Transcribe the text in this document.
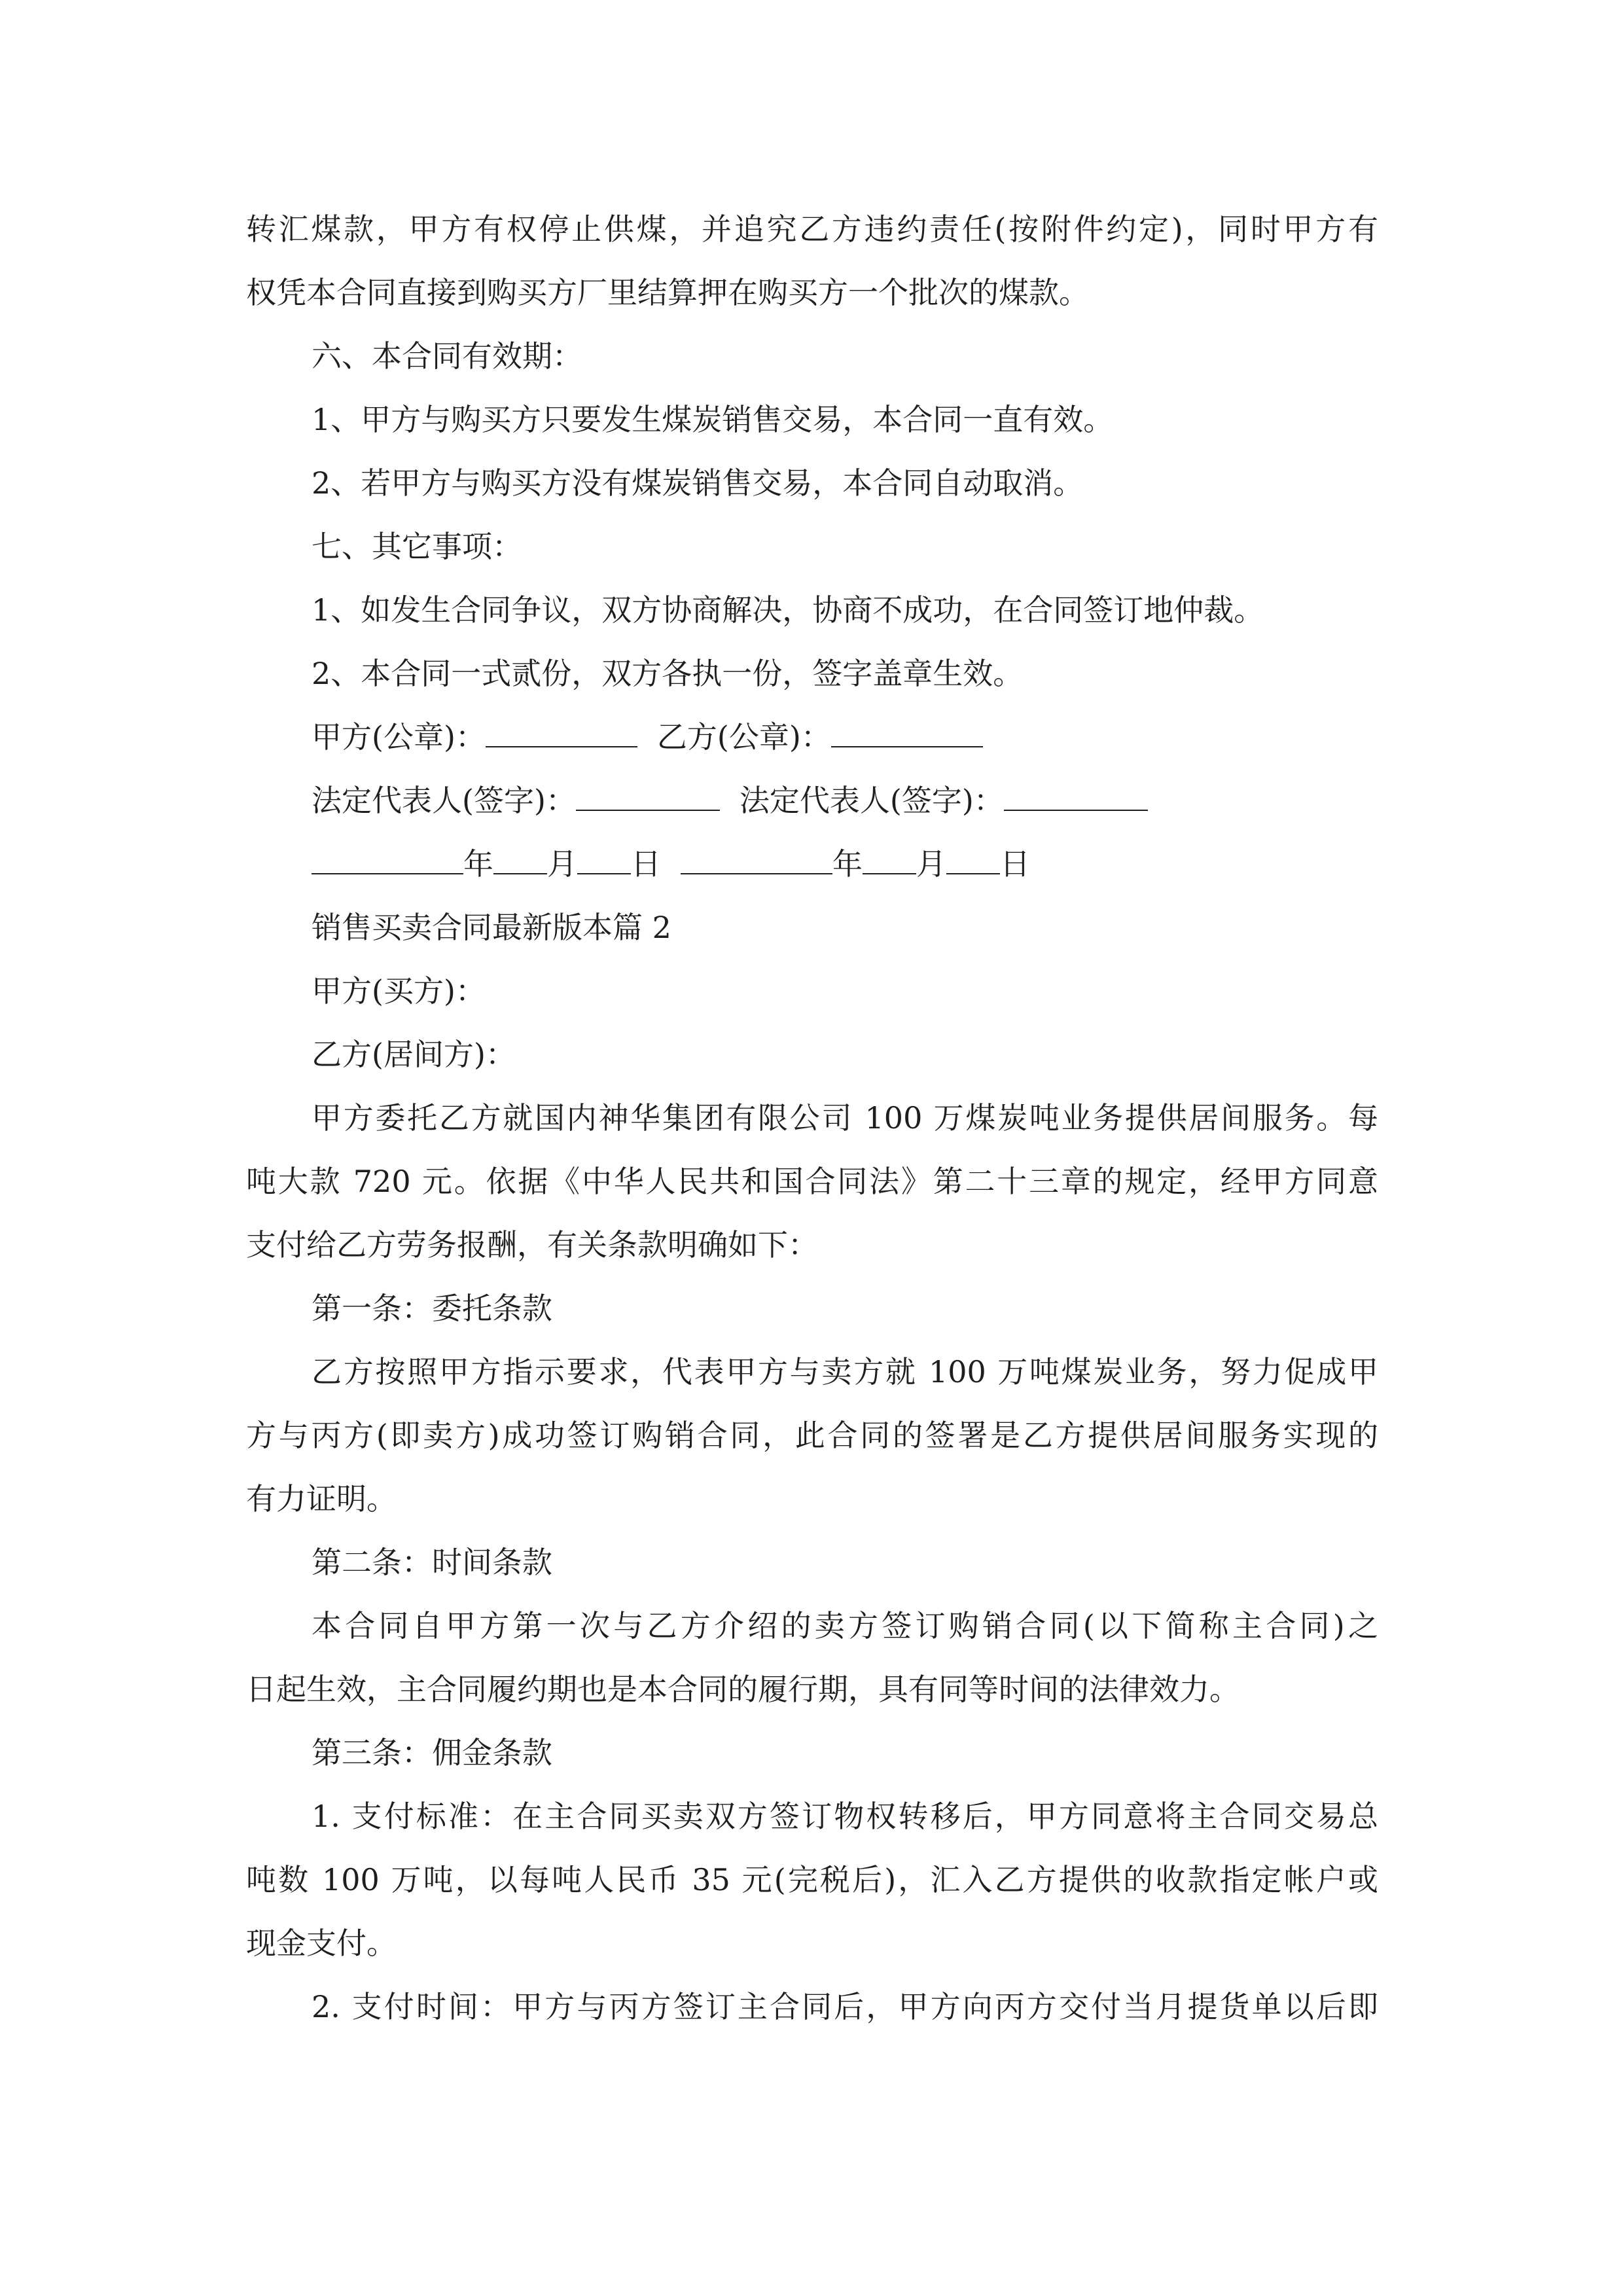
转汇煤款，甲方有权停止供煤，并追究乙方违约责任(按附件约定)，同时甲方有
权凭本合同直接到购买方厂里结算押在购买方一个批次的煤款。
六、本合同有效期：
1、甲方与购买方只要发生煤炭销售交易，本合同一直有效。
2、若甲方与购买方没有煤炭销售交易，本合同自动取消。
七、其它事项：
1、如发生合同争议，双方协商解决，协商不成功，在合同签订地仲裁。
2、本合同一式贰份，双方各执一份，签字盖章生效。
甲方(公章)：	乙方(公章)：
法定代表人(签字)：	法定代表人(签字)：
年 月 日	年 月 日
销售买卖合同最新版本篇 2
甲方(买方)：
乙方(居间方)：
甲方委托乙方就国内神华集团有限公司 100 万煤炭吨业务提供居间服务。每
吨大款 720 元。依据《中华人民共和国合同法》第二十三章的规定，经甲方同意
支付给乙方劳务报酬，有关条款明确如下：
第一条：委托条款
乙方按照甲方指示要求，代表甲方与卖方就 100 万吨煤炭业务，努力促成甲
方与丙方(即卖方)成功签订购销合同，此合同的签署是乙方提供居间服务实现的
有力证明。
第二条：时间条款
本合同自甲方第一次与乙方介绍的卖方签订购销合同(以下简称主合同)之
日起生效，主合同履约期也是本合同的履行期，具有同等时间的法律效力。
第三条：佣金条款
1. 支付标准：在主合同买卖双方签订物权转移后，甲方同意将主合同交易总
吨数 100 万吨，以每吨人民币 35 元(完税后)，汇入乙方提供的收款指定帐户或
现金支付。
2. 支付时间：甲方与丙方签订主合同后，甲方向丙方交付当月提货单以后即
